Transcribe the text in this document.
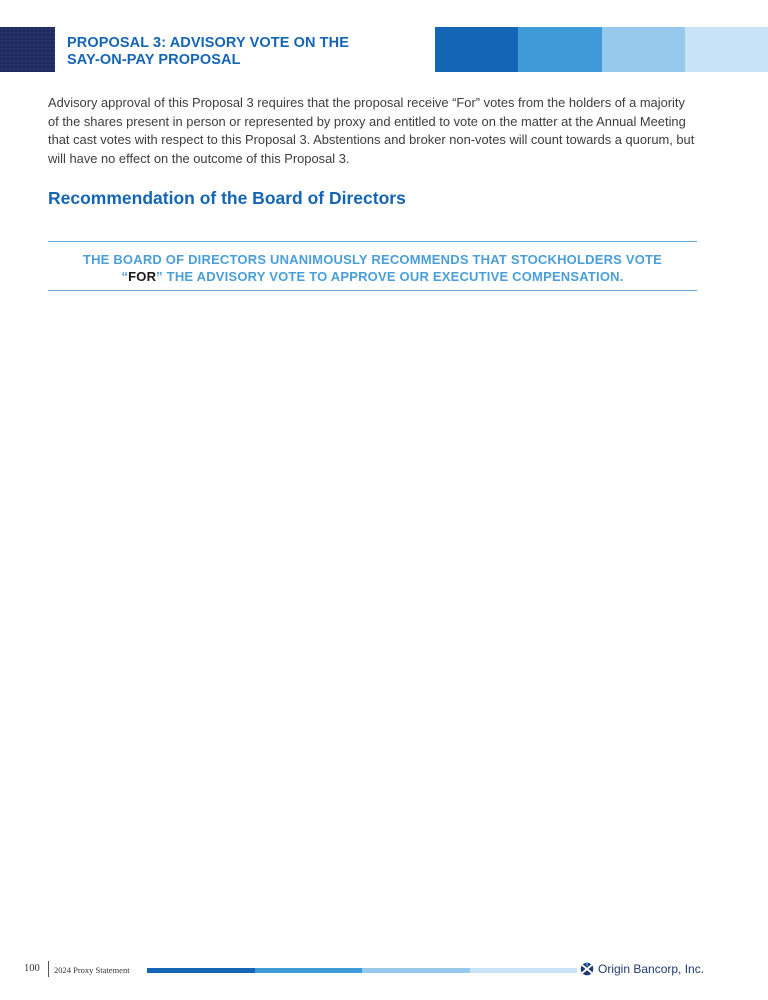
PROPOSAL 3: ADVISORY VOTE ON THE
SAY-ON-PAY PROPOSAL

Advisory approval of this Proposal 3 requires that the proposal receive “For” votes from the holders of a majority of the shares present in person or represented by proxy and entitled to vote on the matter at the Annual Meeting that cast votes with respect to this Proposal 3. Abstentions and broker non-votes will count towards a quorum, but will have no effect on the outcome of this Proposal 3.

Recommendation of the Board of Directors
THE BOARD OF DIRECTORS UNANIMOUSLY RECOMMENDS THAT STOCKHOLDERS VOTE
“FOR” THE ADVISORY VOTE TO APPROVE OUR EXECUTIVE COMPENSATION.
100 2024 Proxy Statement	Origin Bancorp, Inc.
